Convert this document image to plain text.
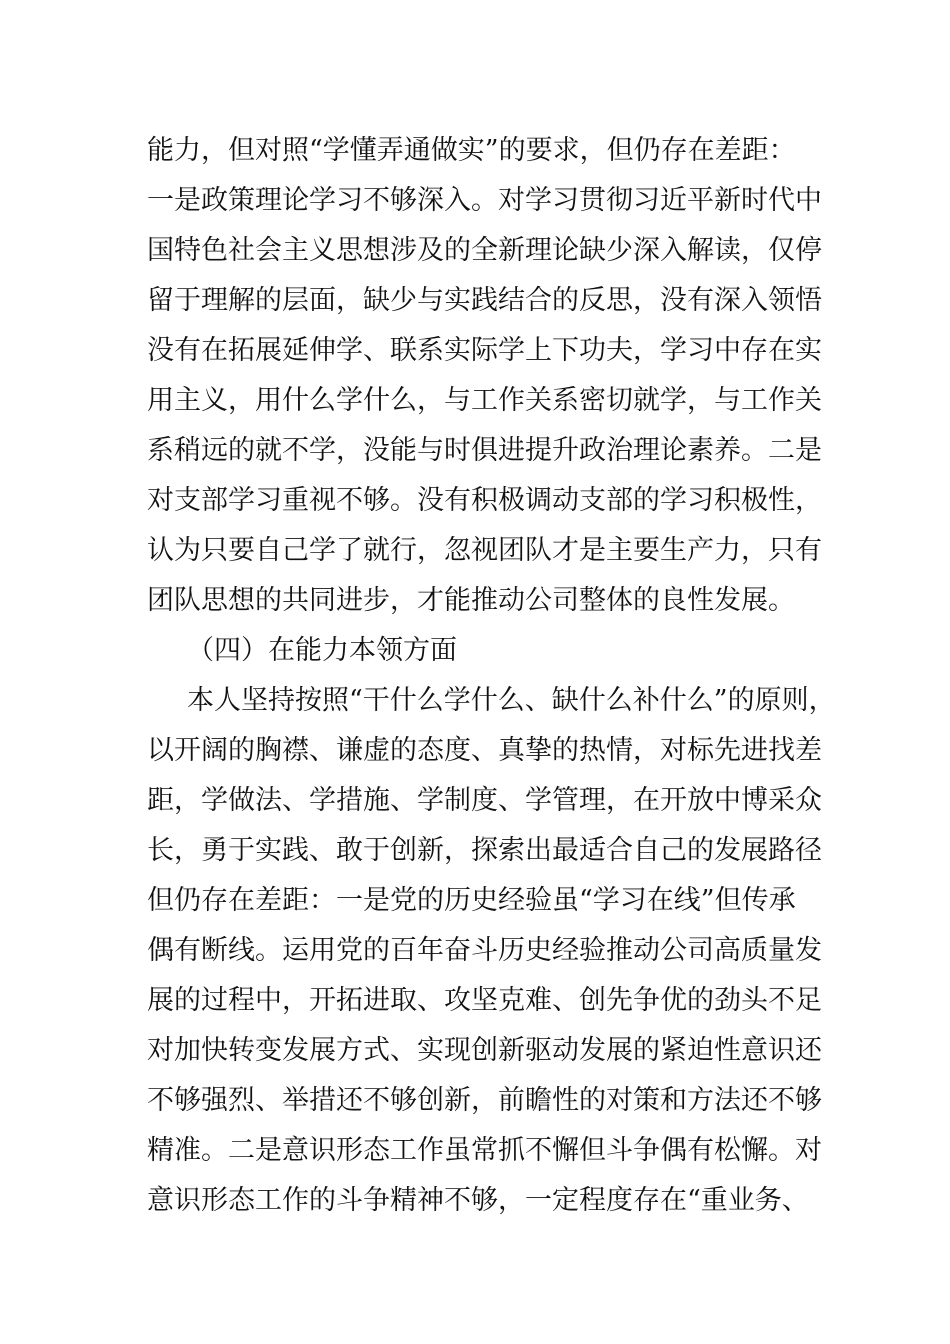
能力，但对照“学懂弄通做实”的要求，但仍存在差距：
一是政策理论学习不够深入。对学习贯彻习近平新时代中
国特色社会主义思想涉及的全新理论缺少深入解读，仅停
留于理解的层面，缺少与实践结合的反思，没有深入领悟
没有在拓展延伸学、联系实际学上下功夫，学习中存在实
用主义，用什么学什么，与工作关系密切就学，与工作关
系稍远的就不学，没能与时俱进提升政治理论素养。二是
对支部学习重视不够。没有积极调动支部的学习积极性，
认为只要自己学了就行，忽视团队才是主要生产力，只有
团队思想的共同进步，才能推动公司整体的良性发展。
（四）在能力本领方面
本人坚持按照“干什么学什么、缺什么补什么”的原则，
以开阔的胸襟、谦虚的态度、真挚的热情，对标先进找差
距，学做法、学措施、学制度、学管理，在开放中博采众
长，勇于实践、敢于创新，探索出最适合自己的发展路径
但仍存在差距：一是党的历史经验虽“学习在线”但传承
偶有断线。运用党的百年奋斗历史经验推动公司高质量发
展的过程中，开拓进取、攻坚克难、创先争优的劲头不足
对加快转变发展方式、实现创新驱动发展的紧迫性意识还
不够强烈、举措还不够创新，前瞻性的对策和方法还不够
精准。二是意识形态工作虽常抓不懈但斗争偶有松懈。对
意识形态工作的斗争精神不够，一定程度存在“重业务、
